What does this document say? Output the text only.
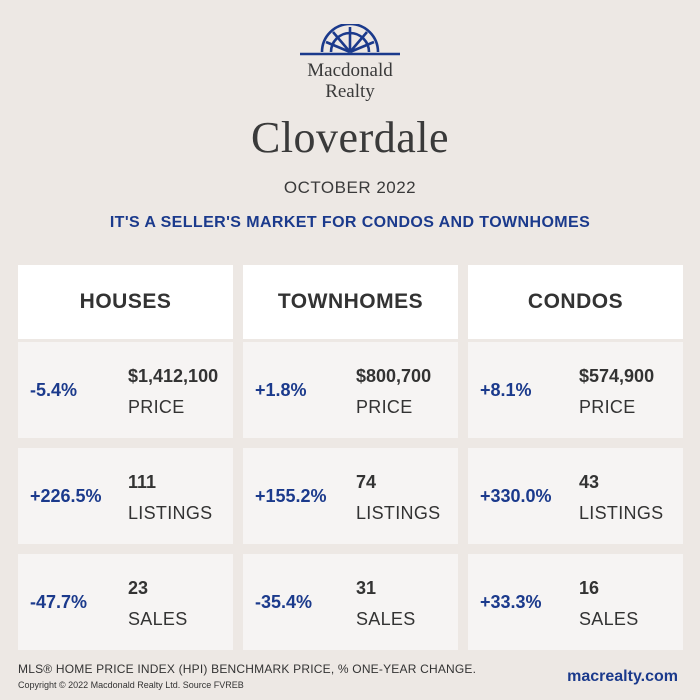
Macdonald
Realty
Cloverdale
OCTOBER 2022
IT'S A SELLER'S MARKET FOR CONDOS AND TOWNHOMES
HOUSES
-5.4%
$1,412,100
PRICE
+226.5%
111
LISTINGS
-47.7%
23
SALES
TOWNHOMES
+1.8%
$800,700
PRICE
+155.2%
74
LISTINGS
-35.4%
31
SALES
CONDOS
+8.1%
$574,900
PRICE
+330.0%
43
LISTINGS
+33.3%
16
SALES
MLS® HOME PRICE INDEX (HPI) BENCHMARK PRICE, % ONE-YEAR CHANGE.
Copyright © 2022 Macdonald Realty Ltd. Source FVREB	macrealty.com
